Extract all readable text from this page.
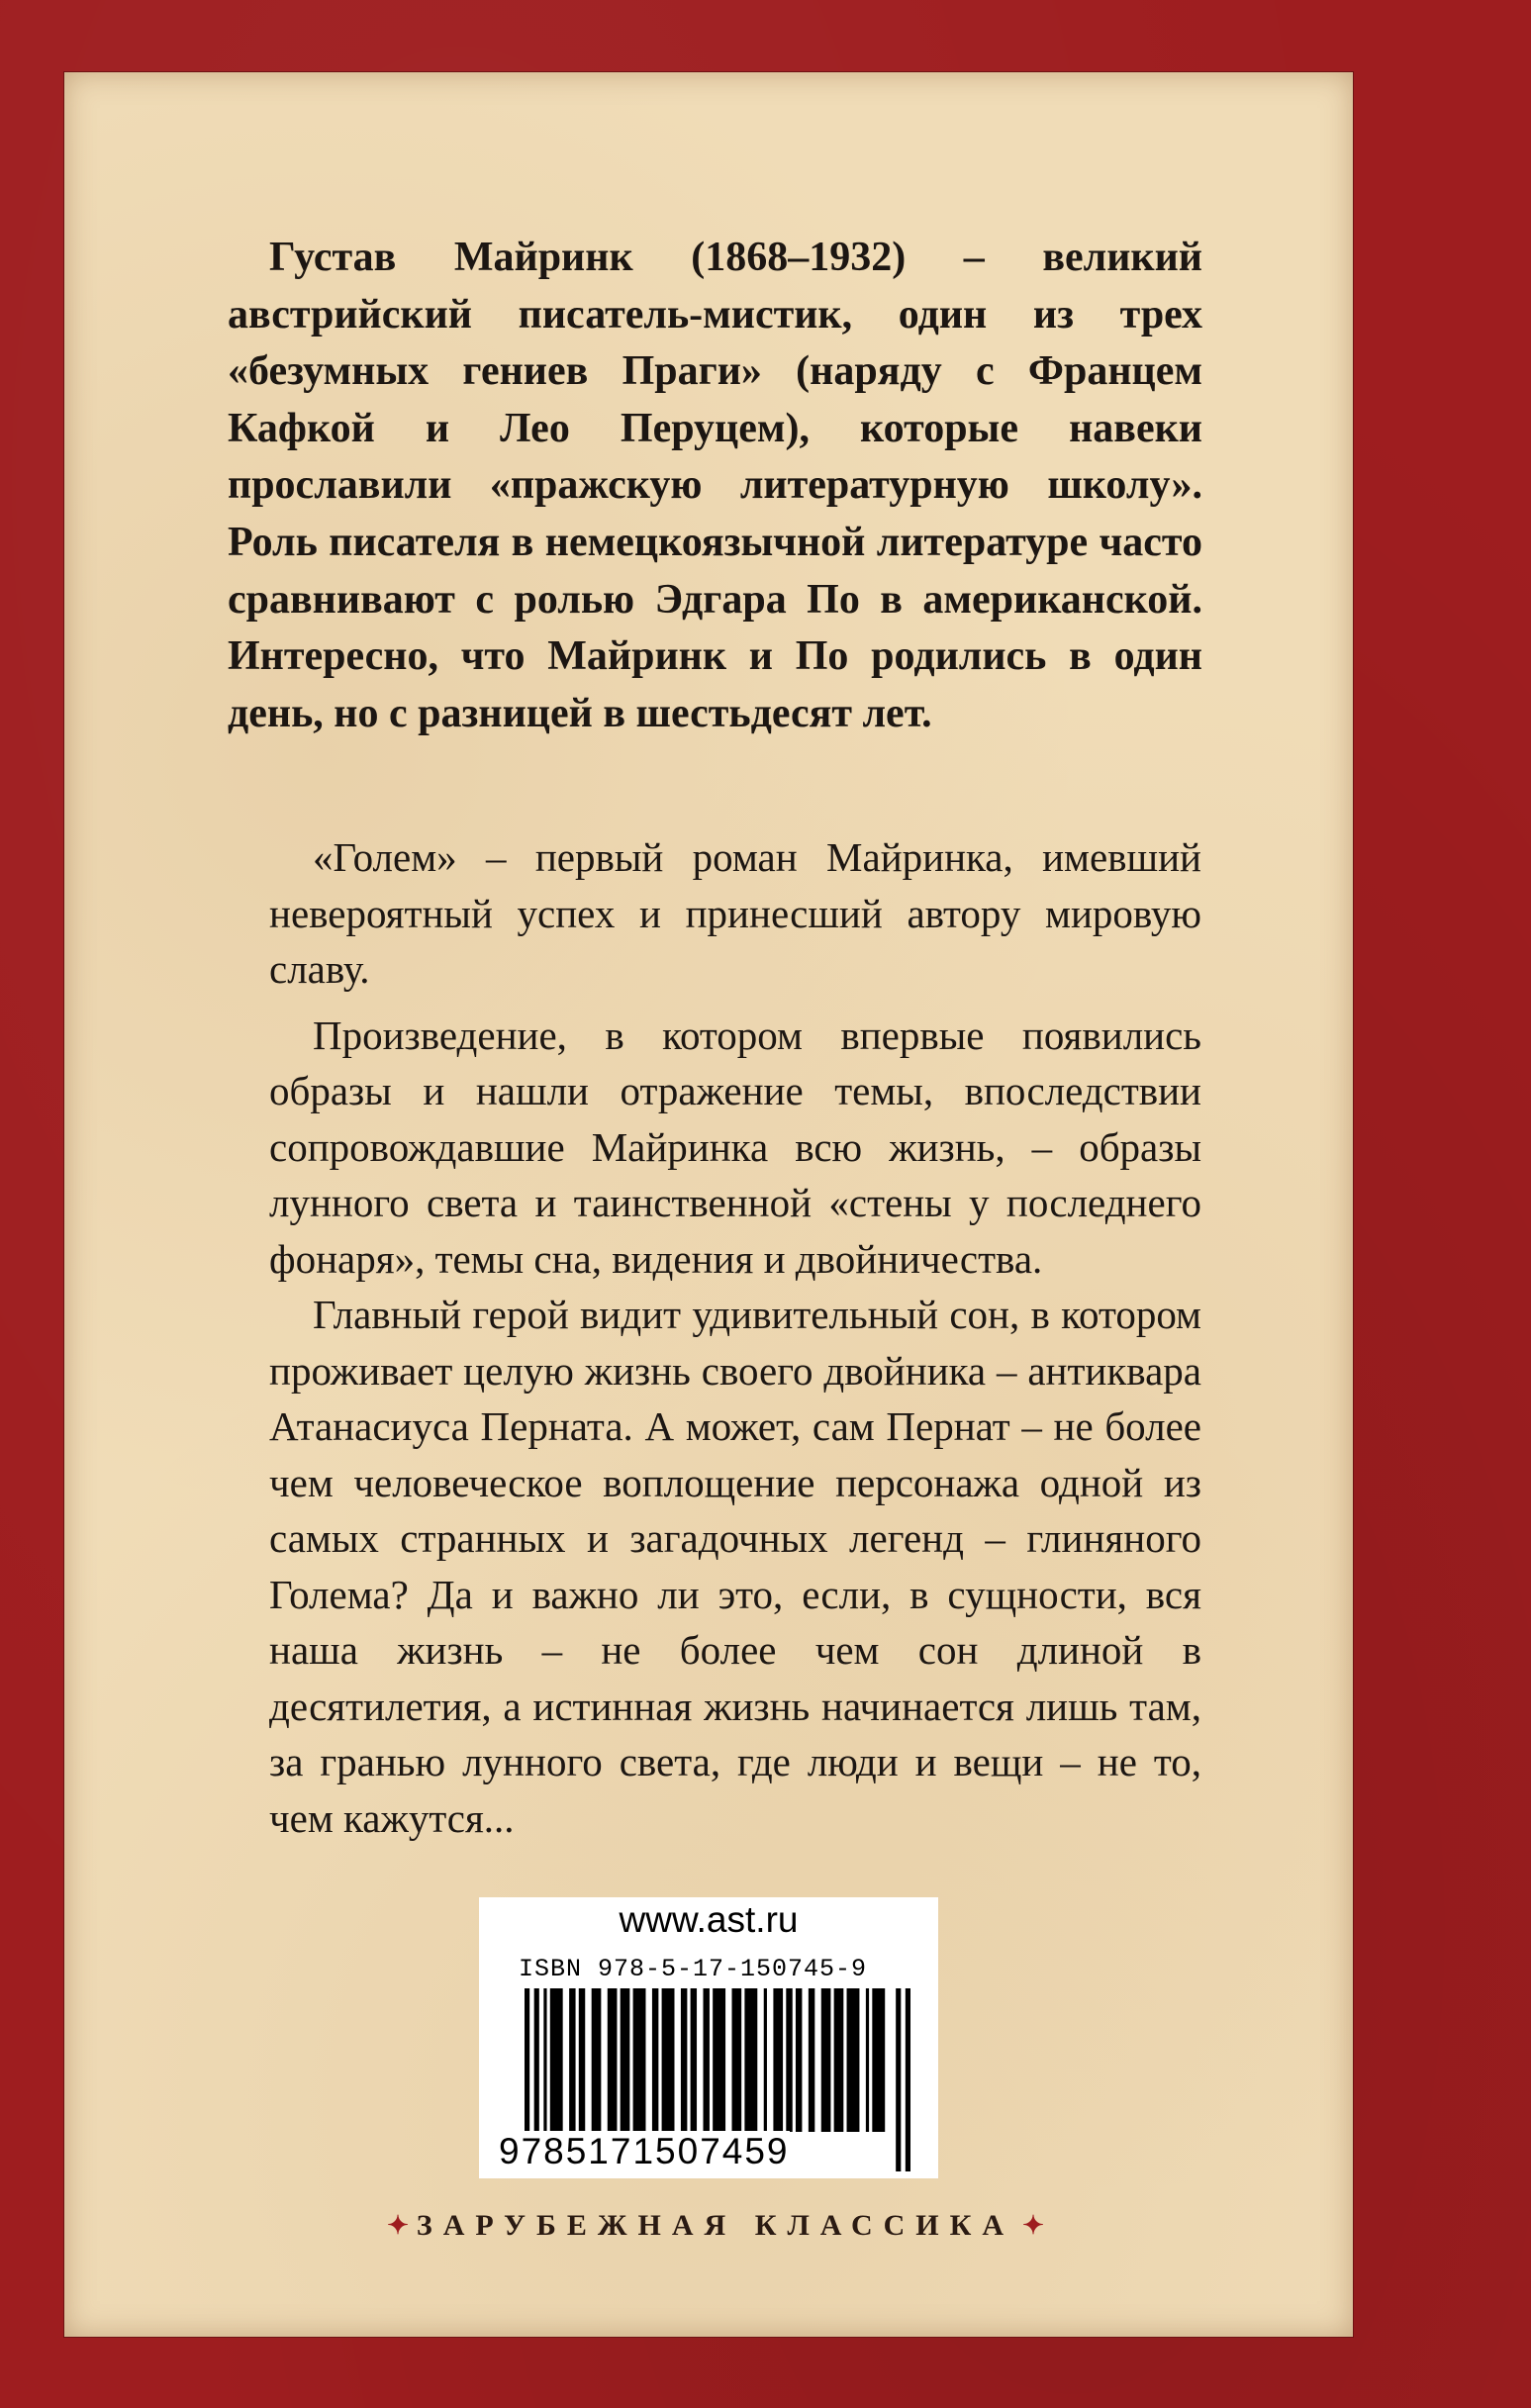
Густав Майринк (1868–1932) – великий австрийский писатель-мистик, один из трех «безумных гениев Праги» (наряду с Францем Кафкой и Лео Перуцем), которые навеки прославили «пражскую литературную школу». Роль писателя в немецкоязычной литературе часто сравнивают с ролью Эдгара По в американской. Интересно, что Майринк и По родились в один день, но с разницей в шестьдесят лет.

«Голем» – первый роман Майринка, имевший невероятный успех и принесший автору мировую славу.

Произведение, в котором впервые появились образы и нашли отражение темы, впоследствии сопровождавшие Майринка всю жизнь, – образы лунного света и таинственной «стены у последнего фонаря», темы сна, видения и двойничества.

Главный герой видит удивительный сон, в котором проживает целую жизнь своего двойника – антиквара Атанасиуса Перната. А может, сам Пернат – не более чем человеческое воплощение персонажа одной из самых странных и загадочных легенд – глиняного Голема? Да и важно ли это, если, в сущности, вся наша жизнь – не более чем сон длиной в десятилетия, а истинная жизнь начинается лишь там, за гранью лунного света, где люди и вещи – не то, чем кажутся...

www.ast.ru
ISBN 978-5-17-150745-9
9785171507459
✦ ЗАРУБЕЖНАЯ КЛАССИКА ✦
